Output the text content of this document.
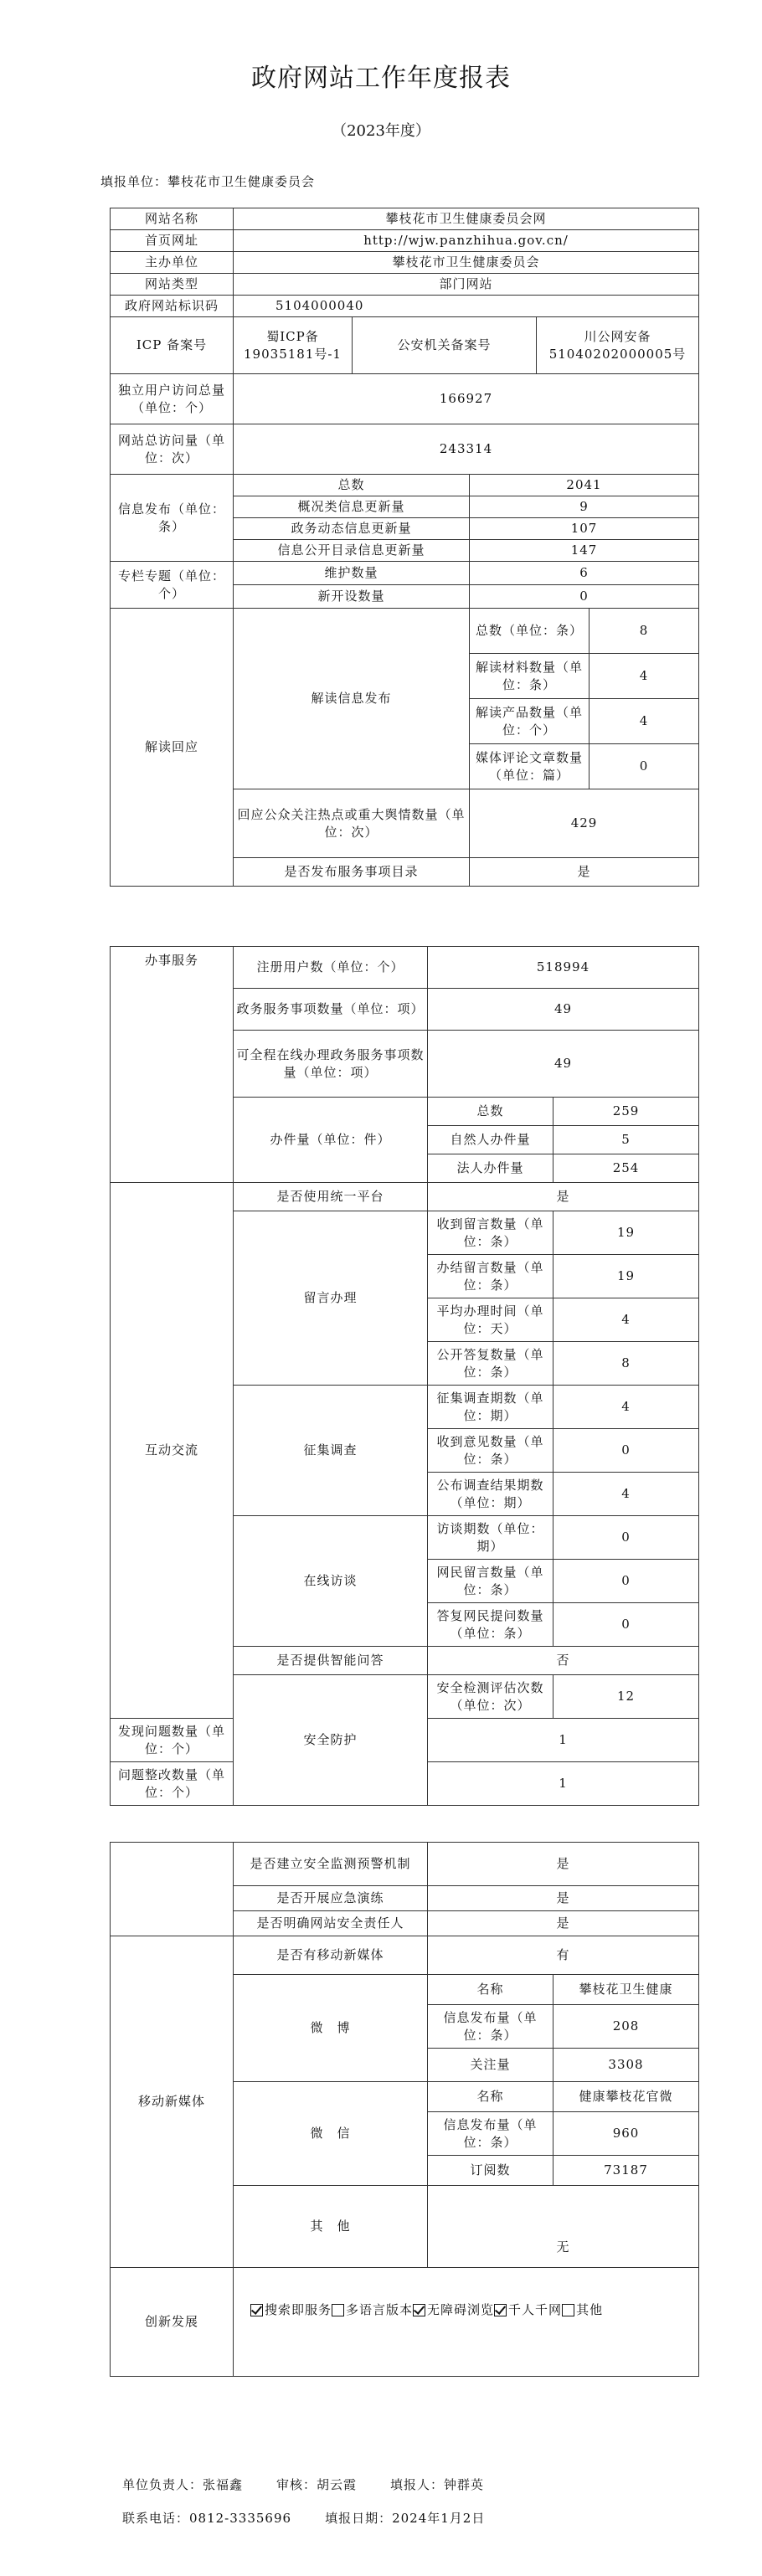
政府网站工作年度报表
（2023年度）
填报单位：攀枝花市卫生健康委员会
网站名称	攀枝花市卫生健康委员会网				
首页网址	http://wjw.panzhihua.gov.cn/				
主办单位	攀枝花市卫生健康委员会				
网站类型	部门网站				
政府网站标识码	5104000040				
ICP 备案号	蜀ICP备19035181号-1	公安机关备案号		川公网安备51040202000005号	
独立用户访问总量（单位：个）	166927				
网站总访问量（单位：次）	243314				
信息发布（单位：条）	总数		2041		
	概况类信息更新量		9		
	政务动态信息更新量		107		
	信息公开目录信息更新量		147		
专栏专题（单位：个）	维护数量		6		
	新开设数量		0		
解读回应	解读信息发布		总数（单位：条）		8
			解读材料数量（单位：条）		4
			解读产品数量（单位：个）		4
			媒体评论文章数量（单位：篇）		0
	回应公众关注热点或重大舆情数量（单位：次）		429		
	是否发布服务事项目录		是		
办事服务	注册用户数（单位：个）	518994	
	政务服务事项数量（单位：项）	49	
	可全程在线办理政务服务事项数量（单位：项）	49	
	办件量（单位：件）	总数	259
		自然人办件量	5
		法人办件量	254
互动交流	是否使用统一平台	是	
	留言办理	收到留言数量（单位：条）	19
		办结留言数量（单位：条）	19
		平均办理时间（单位：天）	4
		公开答复数量（单位：条）	8
	征集调查	征集调查期数（单位：期）	4
		收到意见数量（单位：条）	0
		公布调查结果期数（单位：期）	4
	在线访谈	访谈期数（单位：期）	0
		网民留言数量（单位：条）	0
		答复网民提问数量（单位：条）	0
	是否提供智能问答	否	
	安全防护	安全检测评估次数（单位：次）	12
发现问题数量（单位：个）		1	
问题整改数量（单位：个）		1	
	是否建立安全监测预警机制	是	
	是否开展应急演练	是	
	是否明确网站安全责任人	是	
移动新媒体	是否有移动新媒体	有	
	微　博	名称	攀枝花卫生健康
		信息发布量（单位：条）	208
		关注量	3308
	微　信	名称	健康攀枝花官微
		信息发布量（单位：条）	960
		订阅数	73187
	其　他	无	
创新发展	搜索即服务 多语言版本 无障碍浏览 千人千网 其他		
单位负责人：张福鑫	审核：胡云霞	填报人：钟群英
联系电话：0812-3335696	填报日期：2024年1月2日
